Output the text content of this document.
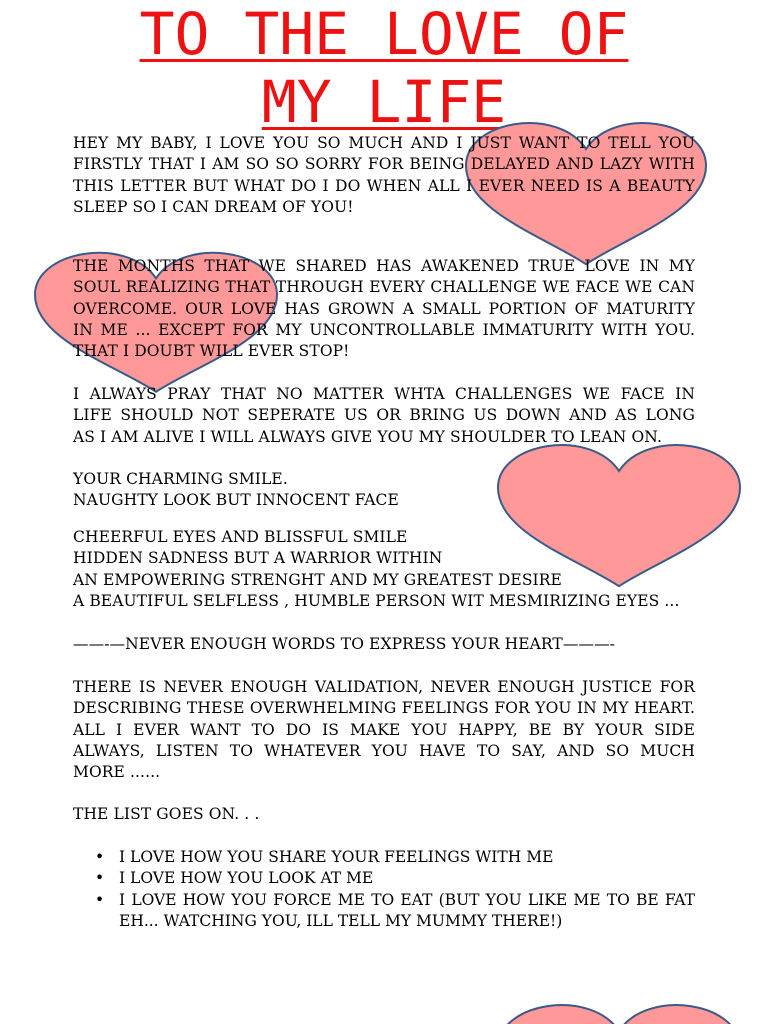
TO THE LOVE OF
MY LIFE
HEY MY BABY, I LOVE YOU SO MUCH AND I JUST WANT TO TELL YOU
FIRSTLY THAT I AM SO SO SORRY FOR BEING DELAYED AND LAZY WITH
THIS LETTER BUT WHAT DO I DO WHEN ALL I EVER NEED IS A BEAUTY
SLEEP SO I CAN DREAM OF YOU!
THE MONTHS THAT WE SHARED HAS AWAKENED TRUE LOVE IN MY
SOUL REALIZING THAT THROUGH EVERY CHALLENGE WE FACE WE CAN
OVERCOME. OUR LOVE HAS GROWN A SMALL PORTION OF MATURITY
IN ME ... EXCEPT FOR MY UNCONTROLLABLE IMMATURITY WITH YOU.
THAT I DOUBT WILL EVER STOP!
I ALWAYS PRAY THAT NO MATTER WHTA CHALLENGES WE FACE IN
LIFE SHOULD NOT SEPERATE US OR BRING US DOWN AND AS LONG
AS I AM ALIVE I WILL ALWAYS GIVE YOU MY SHOULDER TO LEAN ON.
YOUR CHARMING SMILE.
NAUGHTY LOOK BUT INNOCENT FACE
CHEERFUL EYES AND BLISSFUL SMILE
HIDDEN SADNESS BUT A WARRIOR WITHIN
AN EMPOWERING STRENGHT AND MY GREATEST DESIRE
A BEAUTIFUL SELFLESS , HUMBLE PERSON WIT MESMIRIZING EYES ...
——-—NEVER ENOUGH WORDS TO EXPRESS YOUR HEART———-
THERE IS NEVER ENOUGH VALIDATION, NEVER ENOUGH JUSTICE FOR
DESCRIBING THESE OVERWHELMING FEELINGS FOR YOU IN MY HEART.
ALL I EVER WANT TO DO IS MAKE YOU HAPPY, BE BY YOUR SIDE
ALWAYS, LISTEN TO WHATEVER YOU HAVE TO SAY, AND SO MUCH
MORE ......
THE LIST GOES ON. . .
• I LOVE HOW YOU SHARE YOUR FEELINGS WITH ME
• I LOVE HOW YOU LOOK AT ME
• I LOVE HOW YOU FORCE ME TO EAT (BUT YOU LIKE ME TO BE FAT EH... WATCHING YOU, ILL TELL MY MUMMY THERE!)
